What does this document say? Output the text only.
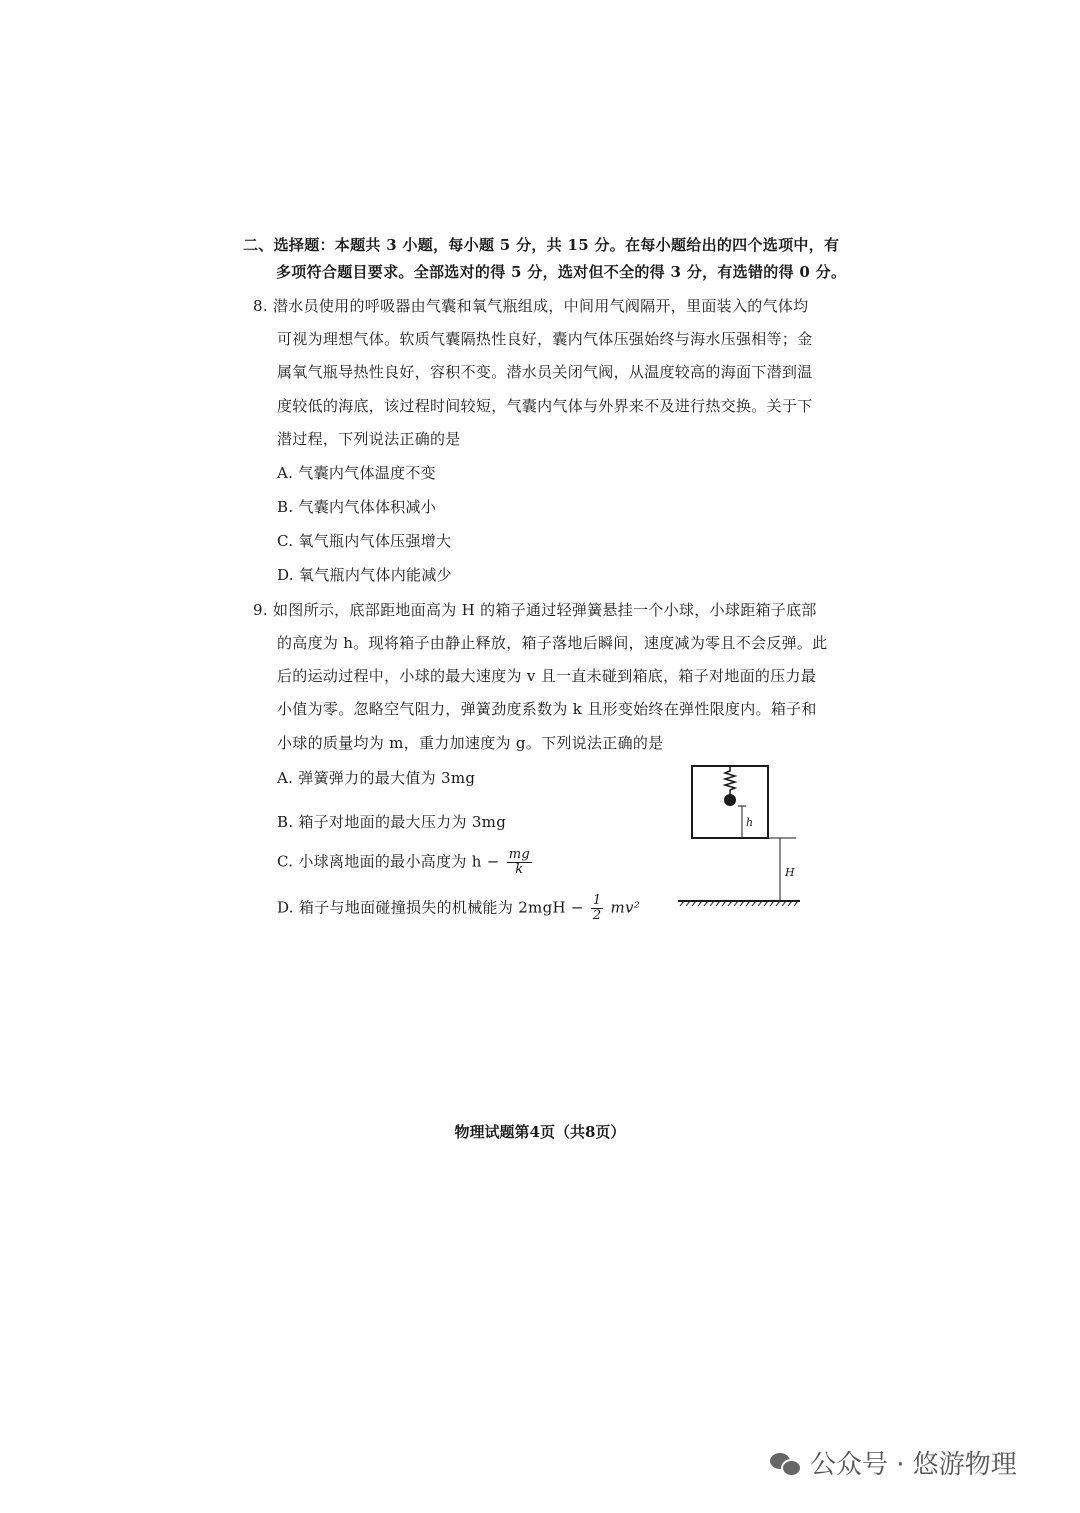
二、选择题：本题共 3 小题，每小题 5 分，共 15 分。在每小题给出的四个选项中，有
多项符合题目要求。全部选对的得 5 分，选对但不全的得 3 分，有选错的得 0 分。
8. 潜水员使用的呼吸器由气囊和氧气瓶组成，中间用气阀隔开，里面装入的气体均
可视为理想气体。软质气囊隔热性良好，囊内气体压强始终与海水压强相等；金
属氧气瓶导热性良好，容积不变。潜水员关闭气阀，从温度较高的海面下潜到温
度较低的海底，该过程时间较短，气囊内气体与外界来不及进行热交换。关于下
潜过程，下列说法正确的是
A. 气囊内气体温度不变
B. 气囊内气体体积减小
C. 氧气瓶内气体压强增大
D. 氧气瓶内气体内能减少
9. 如图所示，底部距地面高为 H 的箱子通过轻弹簧悬挂一个小球，小球距箱子底部
的高度为 h。现将箱子由静止释放，箱子落地后瞬间，速度减为零且不会反弹。此
后的运动过程中，小球的最大速度为 v 且一直未碰到箱底，箱子对地面的压力最
小值为零。忽略空气阻力，弹簧劲度系数为 k 且形变始终在弹性限度内。箱子和
小球的质量均为 m，重力加速度为 g。下列说法正确的是
A. 弹簧弹力的最大值为 3mg
B. 箱子对地面的最大压力为 3mg
C. 小球离地面的最小高度为 $h - \frac{mg}{k}$
D. 箱子与地面碰撞损失的机械能为 $2mgH - \frac{1}{2} mv^2$
h
H
物理试题第4页（共8页）
公众号 · 悠游物理
